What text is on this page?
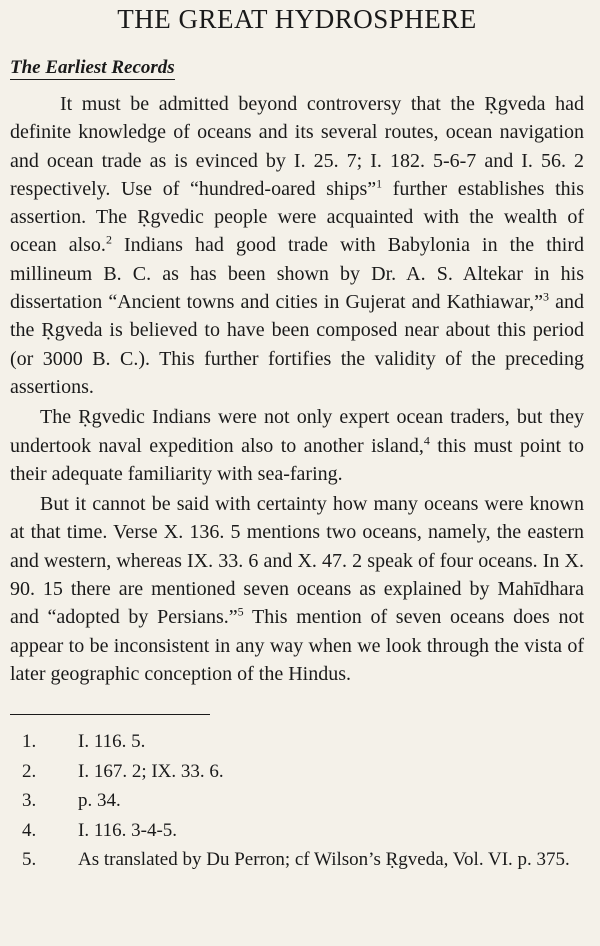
THE GREAT HYDROSPHERE
The Earliest Records

It must be admitted beyond controversy that the Ṛgveda had definite knowledge of oceans and its several routes, ocean navigation and ocean trade as is evinced by I. 25. 7; I. 182. 5-6-7 and I. 56. 2 respectively. Use of “hundred-oared ships”$^1$ further establishes this assertion. The Ṛgvedic people were acquainted with the wealth of ocean also.$^2$ Indians had good trade with Babylonia in the third millineum B. C. as has been shown by Dr. A. S. Altekar in his dissertation “Ancient towns and cities in Gujerat and Kathiawar,”$^3$ and the Ṛgveda is believed to have been composed near about this period (or 3000 B. C.). This further fortifies the validity of the preceding assertions.

The Ṛgvedic Indians were not only expert ocean traders, but they undertook naval expedition also to another island,$^4$ this must point to their adequate familiarity with sea-faring.

But it cannot be said with certainty how many oceans were known at that time. Verse X. 136. 5 mentions two oceans, namely, the eastern and western, whereas IX. 33. 6 and X. 47. 2 speak of four oceans. In X. 90. 15 there are mentioned seven oceans as explained by Mahīdhara and “adopted by Persians.”$^5$ This mention of seven oceans does not appear to be inconsistent in any way when we look through the vista of later geographic conception of the Hindus.

1.	I. 116. 5.
2.	I. 167. 2; IX. 33. 6.
3.	p. 34.
4.	I. 116. 3-4-5.
5.	As translated by Du Perron; cf Wilson’s Ṛgveda, Vol. VI. p. 375.
